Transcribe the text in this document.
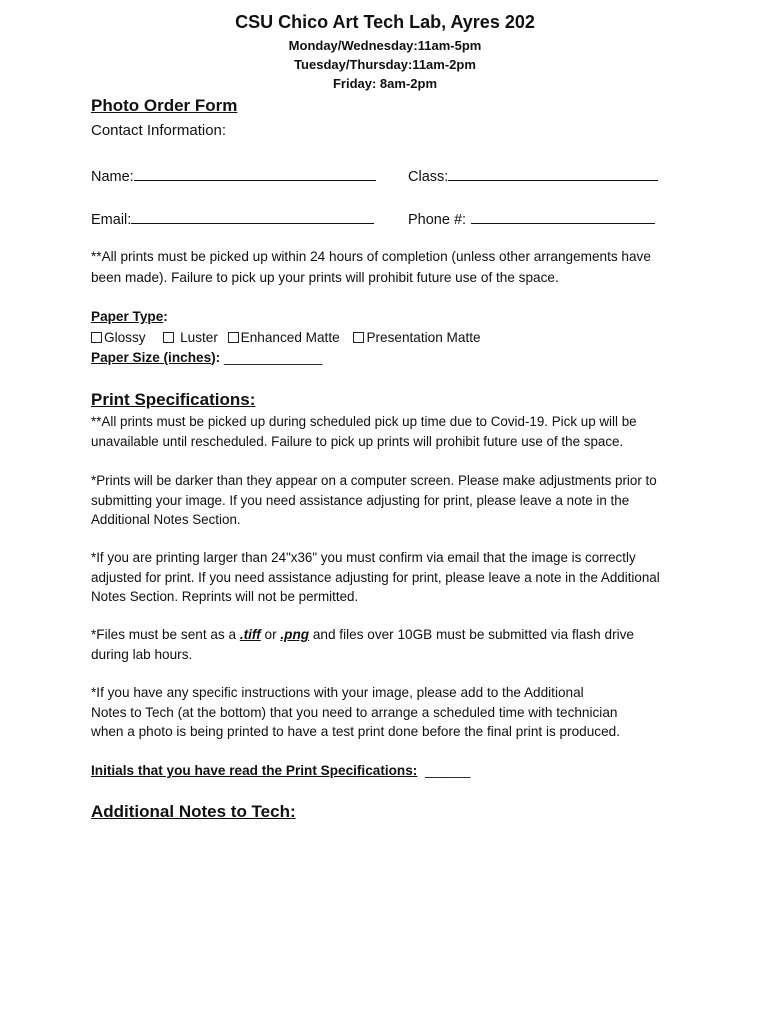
CSU Chico Art Tech Lab, Ayres 202
Monday/Wednesday:11am-5pm
Tuesday/Thursday:11am-2pm
Friday: 8am-2pm
Photo Order Form
Contact Information:
Name:	Class:
Email:	Phone #:
**All prints must be picked up within 24 hours of completion (unless other arrangements have
been made). Failure to pick up your prints will prohibit future use of the space.
Paper Type:
Glossy	Luster Enhanced Matte Presentation Matte
Paper Size (inches): _____________
Print Specifications:
**All prints must be picked up during scheduled pick up time due to Covid-19. Pick up will be unavailable until rescheduled. Failure to pick up prints will prohibit future use of the space.
*Prints will be darker than they appear on a computer screen. Please make adjustments prior to submitting your image. If you need assistance adjusting for print, please leave a note in the Additional Notes Section.
*If you are printing larger than 24"x36" you must confirm via email that the image is correctly adjusted for print. If you need assistance adjusting for print, please leave a note in the Additional Notes Section. Reprints will not be permitted.
*Files must be sent as a .tiff or .png and files over 10GB must be submitted via flash drive
during lab hours.
*If you have any specific instructions with your image, please add to the Additional
Notes to Tech (at the bottom) that you need to arrange a scheduled time with technician
when a photo is being printed to have a test print done before the final print is produced.
Initials that you have read the Print Specifications: ______
Additional Notes to Tech:
